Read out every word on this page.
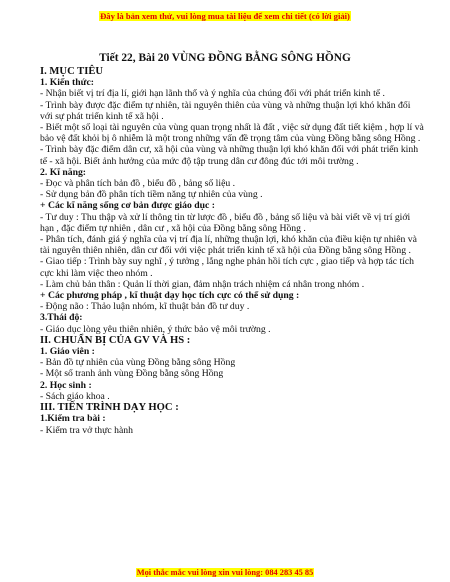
Đây là bản xem thử, vui lòng mua tài liệu để xem chi tiết (có lời giải)
Tiết 22, Bài 20 VÙNG ĐỒNG BẰNG SÔNG HỒNG

I. MỤC TIÊU

1. Kiến thức:

- Nhận biết vị trí địa lí, giới hạn lãnh thổ và ý nghĩa của chúng đối với phát triển kinh tế .

- Trình bày được đặc điểm tự nhiên, tài nguyên thiên của vùng và những thuận lợi khó khăn đối với sự phát triển kinh tế xã hội .

- Biết một số loại tài nguyên của vùng quan trọng nhất là đất , việc sử dụng đất tiết kiệm , hợp lí và bảo vệ đất khỏi bị ô nhiễm là một trong những vấn đề trọng tâm của vùng Đồng bằng sông Hồng .

- Trình bày đặc điểm dân cư, xã hội của vùng và những thuận lợi khó khăn đối với phát triển kinh tế - xã hội. Biết ảnh hưởng của mức độ tập trung dân cư đông đúc tới môi trường .

2. Kĩ năng:

- Đọc và phân tích bản đồ , biểu đồ , bảng số liệu .

- Sử dụng bản đồ phân tích tiềm năng tự nhiên của vùng .

+ Các kĩ năng sống cơ bản được giáo dục :

- Tư duy : Thu thập và xử lí thông tin từ lược đồ , biểu đồ , bảng số liệu và bài viết về vị trí giới hạn , đặc điểm tự nhiên , dân cư , xã hội của Đồng bằng sông Hồng .

- Phân tích, đánh giá ý nghĩa của vị trí địa lí, những thuận lợi, khó khăn của điều kiện tự nhiên và tài nguyên thiên nhiên, dân cư đối với việc phát triển kinh tế xã hội của Đồng bằng sông Hồng .

- Giao tiếp : Trình bày suy nghĩ , ý tưởng , lắng nghe phản hồi tích cực , giao tiếp và hợp tác tích cực khi làm việc theo nhóm .

- Làm chủ bản thân : Quản lí thời gian, đảm nhận trách nhiệm cá nhân trong nhóm .

+ Các phương pháp , kĩ thuật dạy học tích cực có thể sử dụng :

- Động não : Thảo luận nhóm, kĩ thuật bản đồ tư duy .

3.Thái độ:

- Giáo dục lòng yêu thiên nhiên, ý thức bảo vệ môi trường .

II. CHUẨN BỊ CỦA GV VÀ HS :

1. Giáo viên :

- Bản đồ tự nhiên của vùng Đồng bằng sông Hồng

- Một số tranh ảnh vùng Đồng bằng sông Hồng

2. Học sinh :

- Sách giáo khoa .

III. TIẾN TRÌNH DẠY HỌC :

1.Kiểm tra bài :

- Kiểm tra vở thực hành

Mọi thắc mắc vui lòng xin vui lòng: 084 283 45 85
